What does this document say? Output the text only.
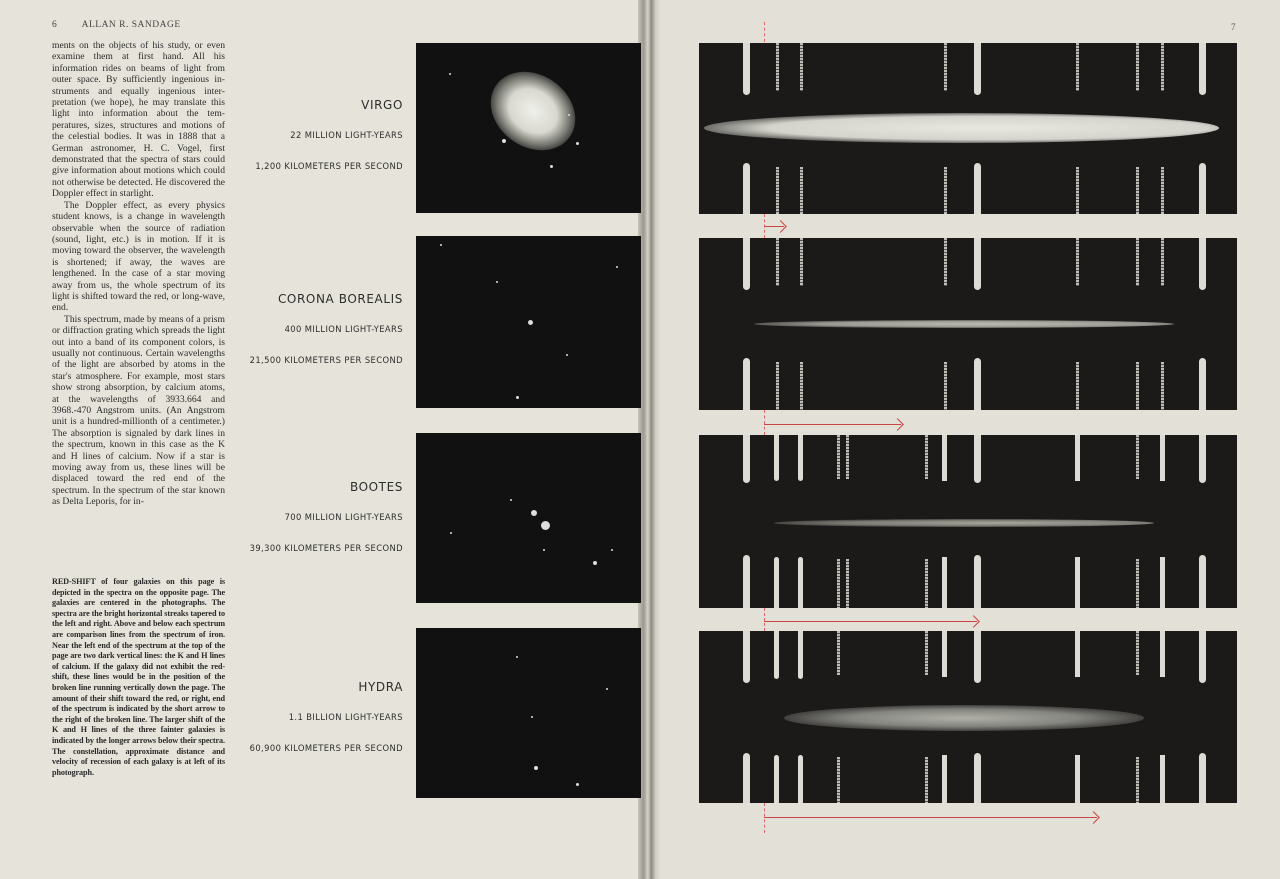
6	ALLAN R. SANDAGE	7

ments on the objects of his study, or even examine them at first hand. All his information rides on beams of light from outer space. By sufficiently ingenious instruments and equally ingenious interpretation (we hope), he may translate this light into information about the temperatures, sizes, structures and motions of the celestial bodies. It was in 1888 that a German astronomer, H. C. Vogel, first demonstrated that the spectra of stars could give information about motions which could not otherwise be detected. He discovered the Doppler effect in starlight.

The Doppler effect, as every physics student knows, is a change in wavelength observable when the source of radiation (sound, light, etc.) is in motion. If it is moving toward the observer, the wavelength is shortened; if away, the waves are lengthened. In the case of a star moving away from us, the whole spectrum of its light is shifted toward the red, or long-wave, end.

This spectrum, made by means of a prism or diffraction grating which spreads the light out into a band of its component colors, is usually not continuous. Certain wavelengths of the light are absorbed by atoms in the star's atmosphere. For example, most stars show strong absorption, by calcium atoms, at the wavelengths of 3933.664 and 3968.-470 Angstrom units. (An Angstrom unit is a hundred-millionth of a centimeter.) The absorption is signaled by dark lines in the spectrum, known in this case as the K and H lines of calcium. Now if a star is moving away from us, these lines will be displaced toward the red end of the spectrum. In the spectrum of the star known as Delta Leporis, for in-

RED-SHIFT of four galaxies on this page is depicted in the spectra on the opposite page. The galaxies are centered in the photographs. The spectra are the bright horizontal streaks tapered to the left and right. Above and below each spectrum are comparison lines from the spectrum of iron. Near the left end of the spectrum at the top of the page are two dark vertical lines: the K and H lines of calcium. If the galaxy did not exhibit the red-shift, these lines would be in the position of the broken line running vertically down the page. The amount of their shift toward the red, or right, end of the spectrum is indicated by the short arrow to the right of the broken line. The larger shift of the K and H lines of the three fainter galaxies is indicated by the longer arrows below their spectra. The constellation, approximate distance and velocity of recession of each galaxy is at left of its photograph.
VIRGO
22 MILLION LIGHT-YEARS
1,200 KILOMETERS PER SECOND
CORONA BOREALIS
400 MILLION LIGHT-YEARS
21,500 KILOMETERS PER SECOND
BOOTES
700 MILLION LIGHT-YEARS
39,300 KILOMETERS PER SECOND
HYDRA
1.1 BILLION LIGHT-YEARS
60,900 KILOMETERS PER SECOND
